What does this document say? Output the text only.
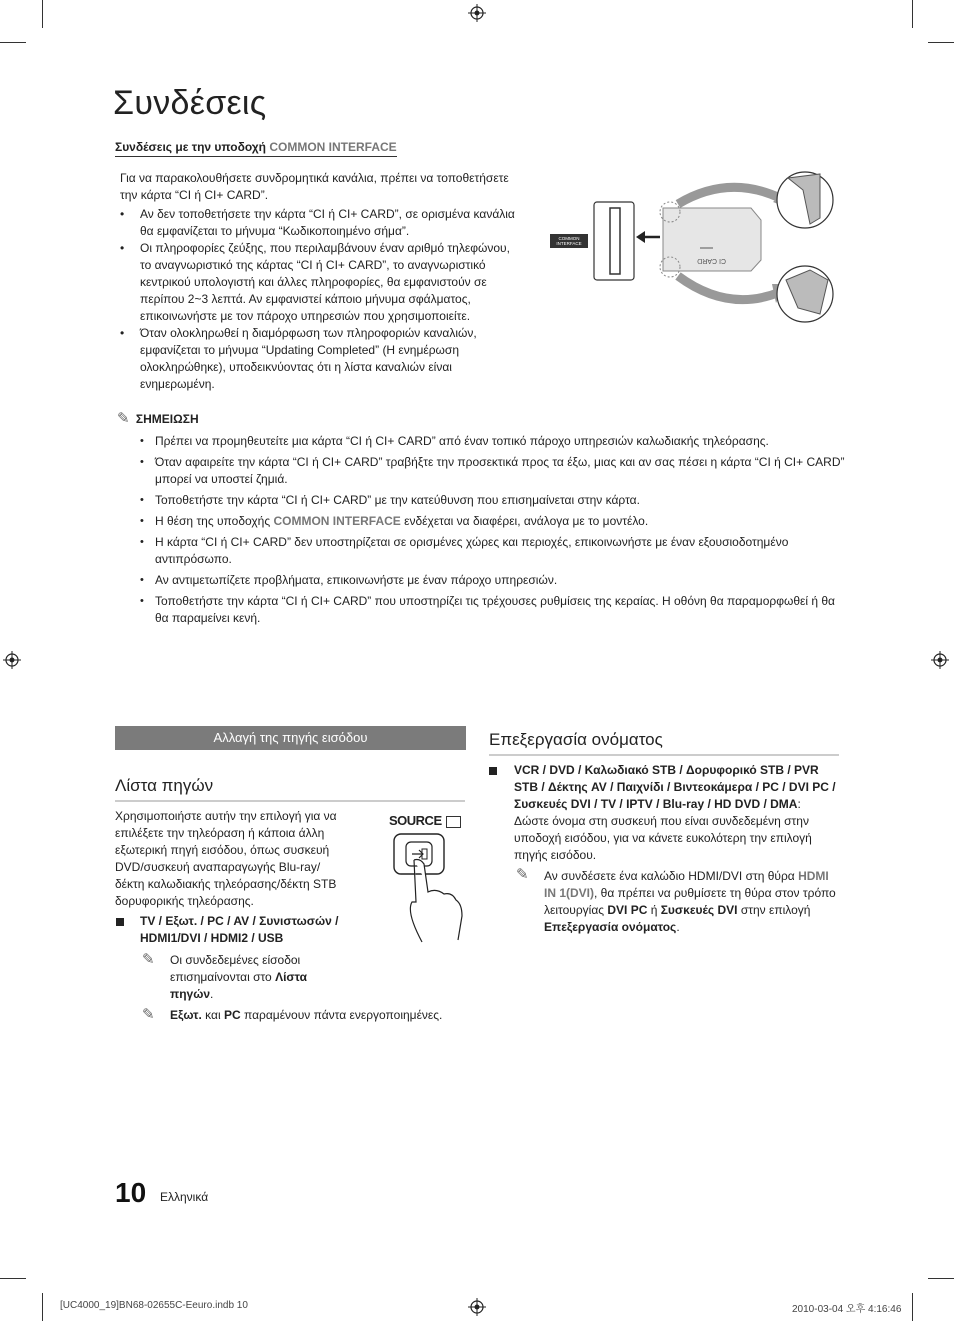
Συνδέσεις
Συνδέσεις με την υποδοχή COMMON INTERFACE
Για να παρακολουθήσετε συνδρομητικά κανάλια, πρέπει να τοποθετήσετε την κάρτα “CI ή CI+ CARD”.
• Αν δεν τοποθετήσετε την κάρτα “CI ή CI+ CARD”, σε ορισμένα κανάλια θα εμφανίζεται το μήνυμα “Κωδικοποιημένο σήμα”.
• Οι πληροφορίες ζεύξης, που περιλαμβάνουν έναν αριθμό τηλεφώνου, το αναγνωριστικό της κάρτας “CI ή CI+ CARD”, το αναγνωριστικό κεντρικού υπολογιστή και άλλες πληροφορίες, θα εμφανιστούν σε περίπου 2~3 λεπτά. Αν εμφανιστεί κάποιο μήνυμα σφάλματος, επικοινωνήστε με τον πάροχο υπηρεσιών που χρησιμοποιείτε.
• Όταν ολοκληρωθεί η διαμόρφωση των πληροφοριών καναλιών, εμφανίζεται το μήνυμα “Updating Completed” (Η ενημέρωση ολοκληρώθηκε), υποδεικνύοντας ότι η λίστα καναλιών είναι ενημερωμένη.
COMMON
INTERFACE
CI CARD
✎ ΣΗΜΕΙΩΣΗ
• Πρέπει να προμηθευτείτε μια κάρτα “CI ή CI+ CARD” από έναν τοπικό πάροχο υπηρεσιών καλωδιακής τηλεόρασης.
• Όταν αφαιρείτε την κάρτα “CI ή CI+ CARD” τραβήξτε την προσεκτικά προς τα έξω, μιας και αν σας πέσει η κάρτα “CI ή CI+ CARD” μπορεί να υποστεί ζημιά.
• Τοποθετήστε την κάρτα “CI ή CI+ CARD” με την κατεύθυνση που επισημαίνεται στην κάρτα.
• Η θέση της υποδοχής COMMON INTERFACE ενδέχεται να διαφέρει, ανάλογα με το μοντέλο.
• Η κάρτα “CI ή CI+ CARD” δεν υποστηρίζεται σε ορισμένες χώρες και περιοχές, επικοινωνήστε με έναν εξουσιοδοτημένο αντιπρόσωπο.
• Αν αντιμετωπίζετε προβλήματα, επικοινωνήστε με έναν πάροχο υπηρεσιών.
• Τοποθετήστε την κάρτα “CI ή CI+ CARD” που υποστηρίζει τις τρέχουσες ρυθμίσεις της κεραίας. Η οθόνη θα παραμορφωθεί ή θα θα παραμείνει κενή.
Αλλαγή της πηγής εισόδου
Λίστα πηγών
Χρησιμοποιήστε αυτήν την επιλογή για να επιλέξετε την τηλεόραση ή κάποια άλλη εξωτερική πηγή εισόδου, όπως συσκευή DVD/συσκευή αναπαραγωγής Blu-ray/δέκτη καλωδιακής τηλεόρασης/δέκτη STB δορυφορικής τηλεόρασης.
SOURCE
TV / Εξωτ. / PC / AV / Συνιστωσών / HDMI1/DVI / HDMI2 / USB
✎ Οι συνδεδεμένες είσοδοι επισημαίνονται στο Λίστα πηγών.
✎ Εξωτ. και PC παραμένουν πάντα ενεργοποιημένες.
Επεξεργασία ονόματος
VCR / DVD / Καλωδιακό STB / Δορυφορικό STB / PVR STB / Δέκτης AV / Παιχνίδι / Βιντεοκάμερα / PC / DVI PC / Συσκευές DVI / TV / IPTV / Blu-ray / HD DVD / DMA: Δώστε όνομα στη συσκευή που είναι συνδεδεμένη στην υποδοχή εισόδου, για να κάνετε ευκολότερη την επιλογή πηγής εισόδου.
✎ Αν συνδέσετε ένα καλώδιο HDMI/DVI στη θύρα HDMI IN 1(DVI), θα πρέπει να ρυθμίσετε τη θύρα στον τρόπο λειτουργίας DVI PC ή Συσκευές DVI στην επιλογή Επεξεργασία ονόματος.
10 Ελληνικά
[UC4000_19]BN68-02655C-Eeuro.indb 10	2010-03-04 오후 4:16:46
